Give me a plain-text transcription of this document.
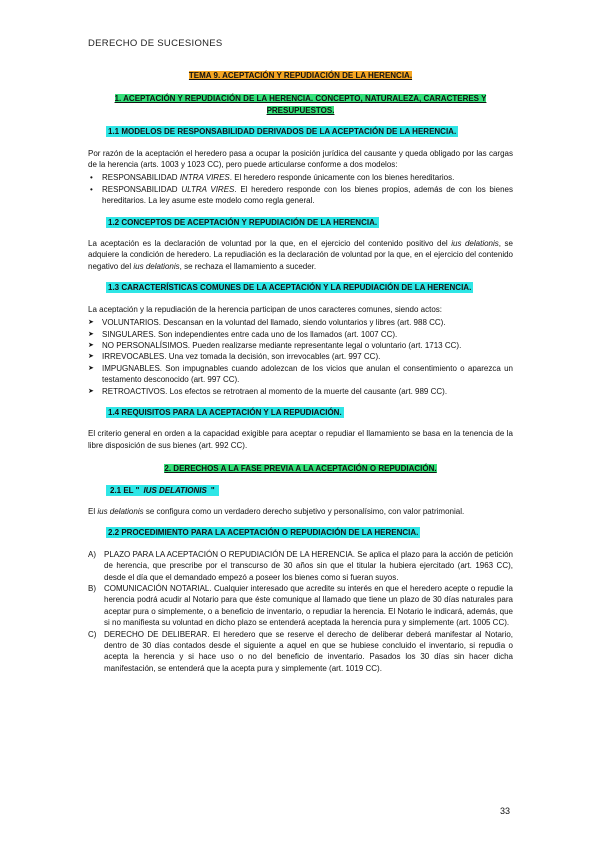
DERECHO DE SUCESIONES
TEMA 9. ACEPTACIÓN Y REPUDIACIÓN DE LA HERENCIA.
1. ACEPTACIÓN Y REPUDIACIÓN DE LA HERENCIA. CONCEPTO, NATURALEZA, CARACTERES Y PRESUPUESTOS.
1.1 MODELOS DE RESPONSABILIDAD DERIVADOS DE LA ACEPTACIÓN DE LA HERENCIA.

Por razón de la aceptación el heredero pasa a ocupar la posición jurídica del causante y queda obligado por las cargas de la herencia (arts. 1003 y 1023 CC), pero puede articularse conforme a dos modelos:

• RESPONSABILIDAD INTRA VIRES. El heredero responde únicamente con los bienes hereditarios.
• RESPONSABILIDAD ULTRA VIRES. El heredero responde con los bienes propios, además de con los bienes hereditarios. La ley asume este modelo como regla general.
1.2 CONCEPTOS DE ACEPTACIÓN Y REPUDIACIÓN DE LA HERENCIA.

La aceptación es la declaración de voluntad por la que, en el ejercicio del contenido positivo del ius delationis, se adquiere la condición de heredero. La repudiación es la declaración de voluntad por la que, en el ejercicio del contenido negativo del ius delationis, se rechaza el llamamiento a suceder.

1.3 CARACTERÍSTICAS COMUNES DE LA ACEPTACIÓN Y LA REPUDIACIÓN DE LA HERENCIA.

La aceptación y la repudiación de la herencia participan de unos caracteres comunes, siendo actos:

➤ VOLUNTARIOS. Descansan en la voluntad del llamado, siendo voluntarios y libres (art. 988 CC).
➤ SINGULARES. Son independientes entre cada uno de los llamados (art. 1007 CC).
➤ NO PERSONALÍSIMOS. Pueden realizarse mediante representante legal o voluntario (art. 1713 CC).
➤ IRREVOCABLES. Una vez tomada la decisión, son irrevocables (art. 997 CC).
➤ IMPUGNABLES. Son impugnables cuando adolezcan de los vicios que anulan el consentimiento o aparezca un testamento desconocido (art. 997 CC).
➤ RETROACTIVOS. Los efectos se retrotraen al momento de la muerte del causante (art. 989 CC).
1.4 REQUISITOS PARA LA ACEPTACIÓN Y LA REPUDIACIÓN.

El criterio general en orden a la capacidad exigible para aceptar o repudiar el llamamiento se basa en la tenencia de la libre disposición de sus bienes (art. 992 CC).

2. DERECHOS A LA FASE PREVIA A LA ACEPTACIÓN O REPUDIACIÓN.
2.1 EL " IUS DELATIONIS "

El ius delationis se configura como un verdadero derecho subjetivo y personalísimo, con valor patrimonial.

2.2 PROCEDIMIENTO PARA LA ACEPTACIÓN O REPUDIACIÓN DE LA HERENCIA.
A) PLAZO PARA LA ACEPTACIÓN O REPUDIACIÓN DE LA HERENCIA. Se aplica el plazo para la acción de petición de herencia, que prescribe por el transcurso de 30 años sin que el titular la hubiera ejercitado (art. 1963 CC), desde el día que el demandado empezó a poseer los bienes como si fueran suyos.
B) COMUNICACIÓN NOTARIAL. Cualquier interesado que acredite su interés en que el heredero acepte o repudie la herencia podrá acudir al Notario para que éste comunique al llamado que tiene un plazo de 30 días naturales para aceptar pura o simplemente, o a beneficio de inventario, o repudiar la herencia. El Notario le indicará, además, que si no manifiesta su voluntad en dicho plazo se entenderá aceptada la herencia pura y simplemente (art. 1005 CC).
C) DERECHO DE DELIBERAR. El heredero que se reserve el derecho de deliberar deberá manifestar al Notario, dentro de 30 días contados desde el siguiente a aquel en que se hubiese concluido el inventario, si repudia o acepta la herencia y si hace uso o no del beneficio de inventario. Pasados los 30 días sin hacer dicha manifestación, se entenderá que la acepta pura y simplemente (art. 1019 CC).
33
